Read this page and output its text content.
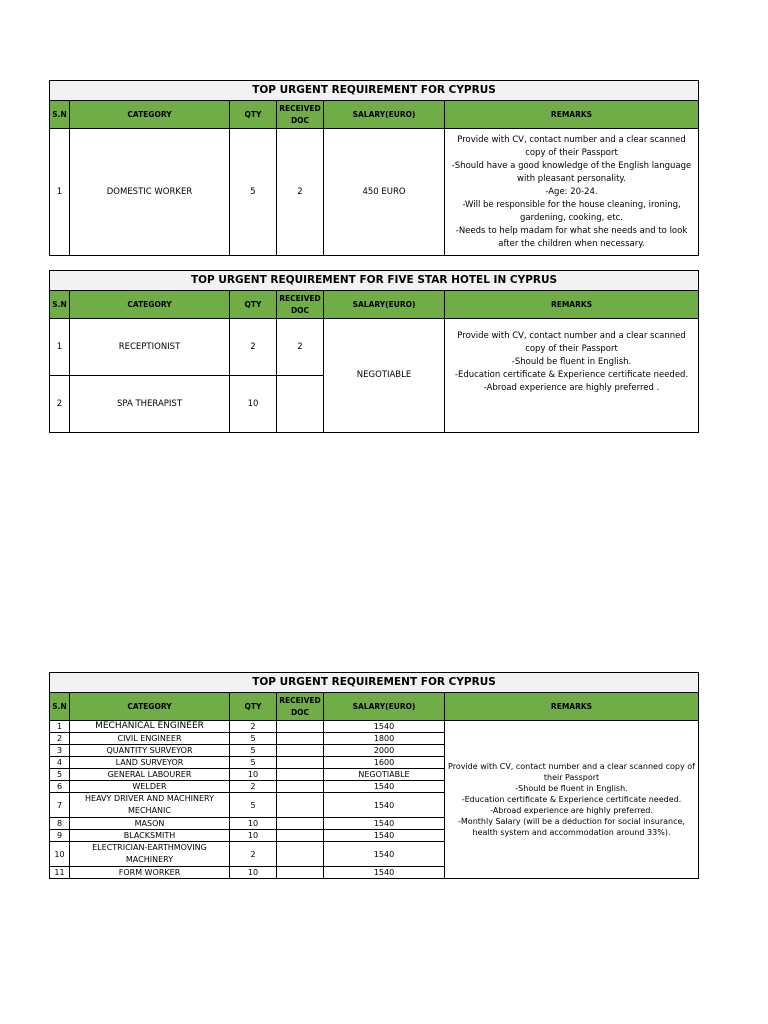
TOP URGENT REQUIREMENT FOR CYPRUS					
S.N	CATEGORY	QTY	RECEIVED DOC	SALARY(EURO)	REMARKS
1	DOMESTIC WORKER	5	2	450 EURO	Provide with CV, contact number and a clear scanned copy of their Passport
-Should have a good knowledge of the English language with pleasant personality.
-Age: 20-24.
-Will be responsible for the house cleaning, ironing, gardening, cooking, etc.
-Needs to help madam for what she needs and to look after the children when necessary.
TOP URGENT REQUIREMENT FOR FIVE STAR HOTEL IN CYPRUS					
S.N	CATEGORY	QTY	RECEIVED DOC	SALARY(EURO)	REMARKS
1	RECEPTIONIST	2	2	NEGOTIABLE	Provide with CV, contact number and a clear scanned copy of their Passport
-Should be fluent in English.
-Education certificate & Experience certificate needed.
-Abroad experience are highly preferred .

2	SPA THERAPIST	10			
TOP URGENT REQUIREMENT FOR CYPRUS					
S.N	CATEGORY	QTY	RECEIVED DOC	SALARY(EURO)	REMARKS
1	MECHANICAL ENGINEER	2		1540	Provide with CV, contact number and a clear scanned copy of their Passport
-Should be fluent in English.
-Education certificate & Experience certificate needed.
-Abroad experience are highly preferred.
-Monthly Salary (will be a deduction for social insurance, health system and accommodation around 33%).

2	CIVIL ENGINEER	5		1800	
3	QUANTITY SURVEYOR	5		2000	
4	LAND SURVEYOR	5		1600	
5	GENERAL LABOURER	10		NEGOTIABLE	
6	WELDER	2		1540	
7	HEAVY DRIVER AND MACHINERY MECHANIC	5		1540	
8	MASON	10		1540	
9	BLACKSMITH	10		1540	
10	ELECTRICIAN-EARTHMOVING MACHINERY	2		1540	
11	FORM WORKER	10		1540	
